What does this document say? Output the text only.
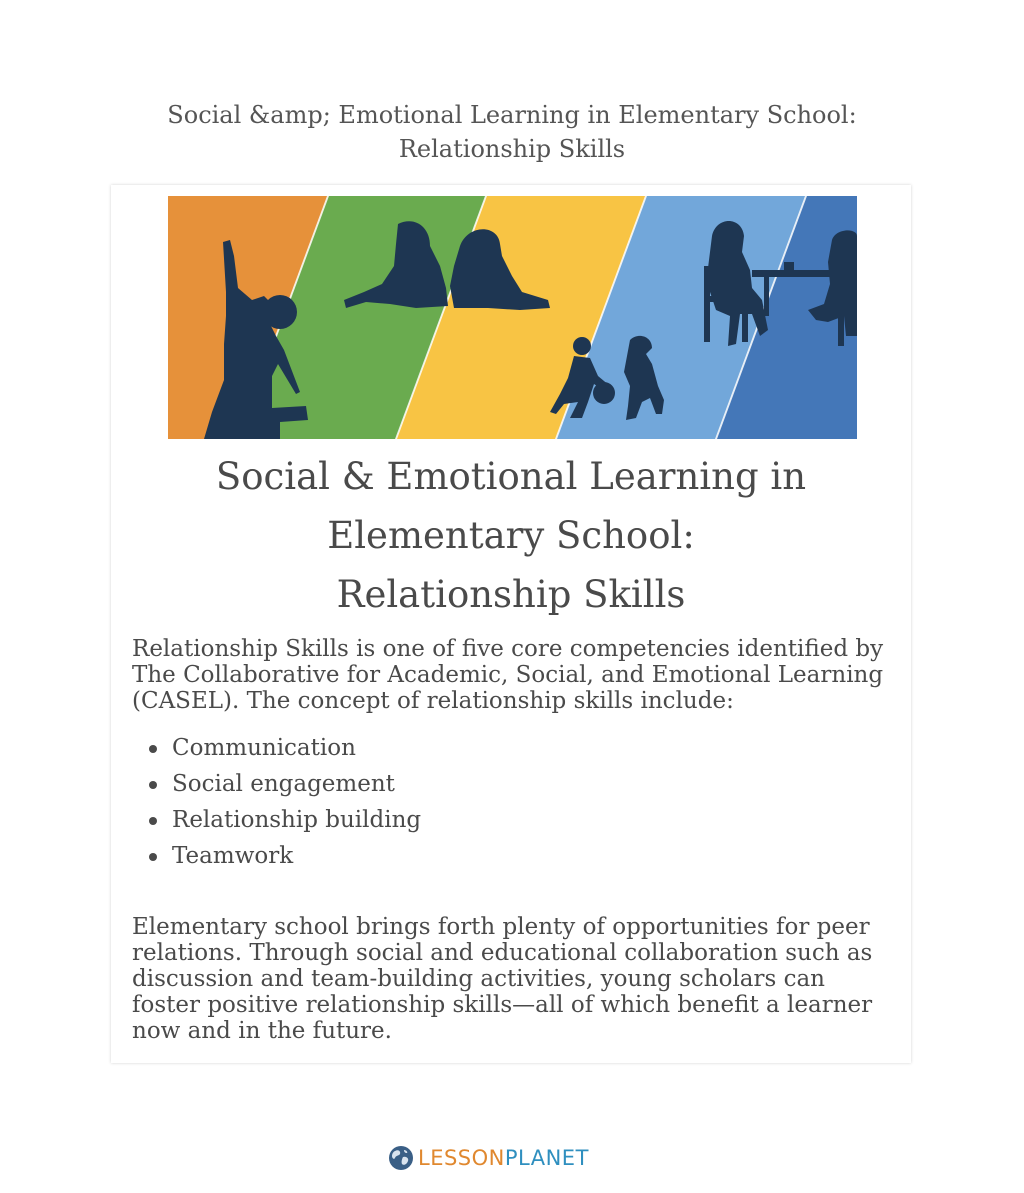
Social &amp; Emotional Learning in Elementary School: Relationship Skills
Social & Emotional Learning in
Elementary School:
Relationship Skills

Relationship Skills is one of five core competencies identified by The Collaborative for Academic, Social, and Emotional Learning (CASEL). The concept of relationship skills include:

Communication
Social engagement
Relationship building
Teamwork

Elementary school brings forth plenty of opportunities for peer relations. Through social and educational collaboration such as discussion and team-building activities, young scholars can foster positive relationship skills—all of which benefit a learner now and in the future.

LESSON PLANET
